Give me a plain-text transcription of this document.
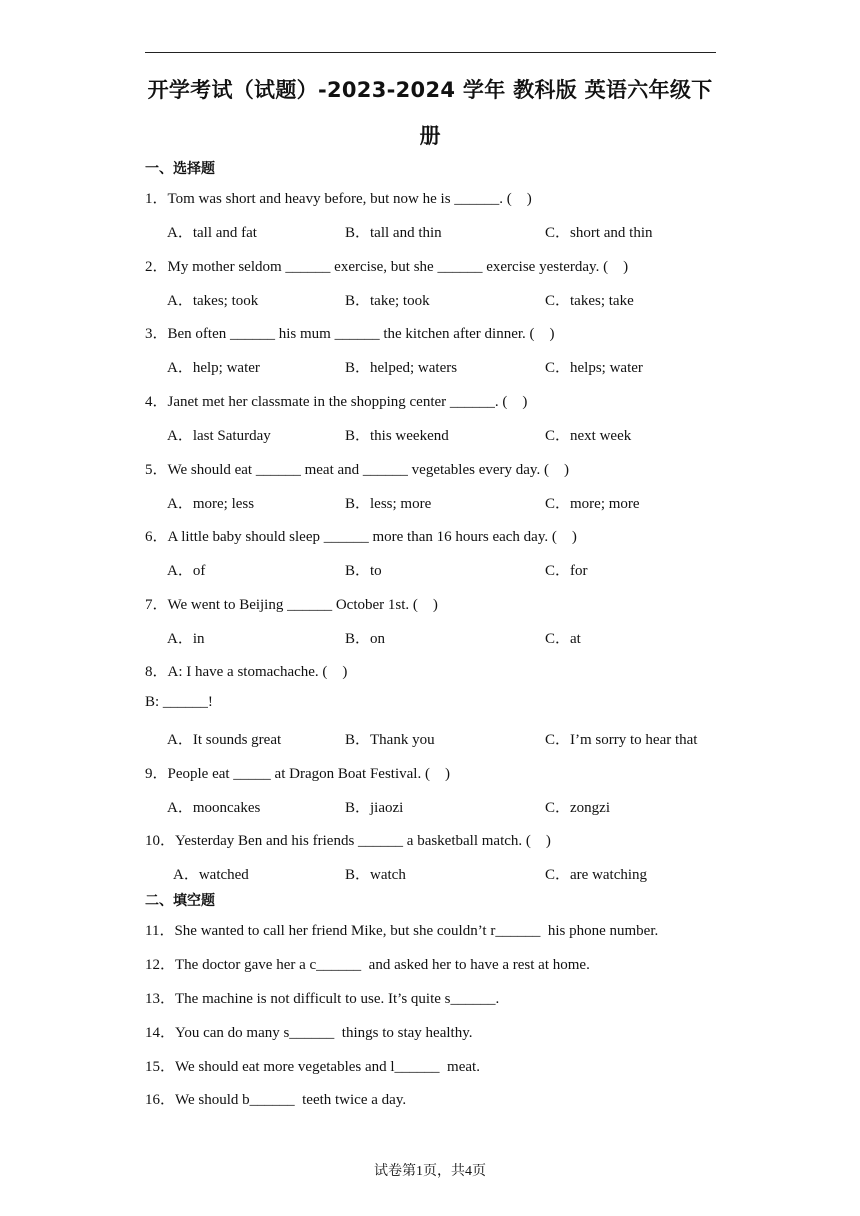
开学考试（试题）-2023-2024 学年 教科版 英语六年级下
册
一、选择题
1．Tom was short and heavy before, but now he is ______. (    )
A．tall and fat	B．tall and thin	C．short and thin
2．My mother seldom ______ exercise, but she ______ exercise yesterday. (    )
A．takes; took	B．take; took	C．takes; take
3．Ben often ______ his mum ______ the kitchen after dinner. (    )
A．help; water	B．helped; waters	C．helps; water
4．Janet met her classmate in the shopping center ______. (    )
A．last Saturday	B．this weekend	C．next week
5．We should eat ______ meat and ______ vegetables every day. (    )
A．more; less	B．less; more	C．more; more
6．A little baby should sleep ______ more than 16 hours each day. (    )
A．of	B．to	C．for
7．We went to Beijing ______ October 1st. (    )
A．in	B．on	C．at
8．A: I have a stomachache. (    )
B: ______!
A．It sounds great	B．Thank you	C．I’m sorry to hear that
9．People eat _____ at Dragon Boat Festival. (    )
A．mooncakes	B．jiaozi	C．zongzi
10．Yesterday Ben and his friends ______ a basketball match. (    )
A．watched	B．watch	C．are watching
二、填空题
11．She wanted to call her friend Mike, but she couldn’t r______  his phone number.
12．The doctor gave her a c______  and asked her to have a rest at home.
13．The machine is not difficult to use. It’s quite s______.
14．You can do many s______  things to stay healthy.
15．We should eat more vegetables and l______  meat.
16．We should b______  teeth twice a day.
试卷第1页，共4页
